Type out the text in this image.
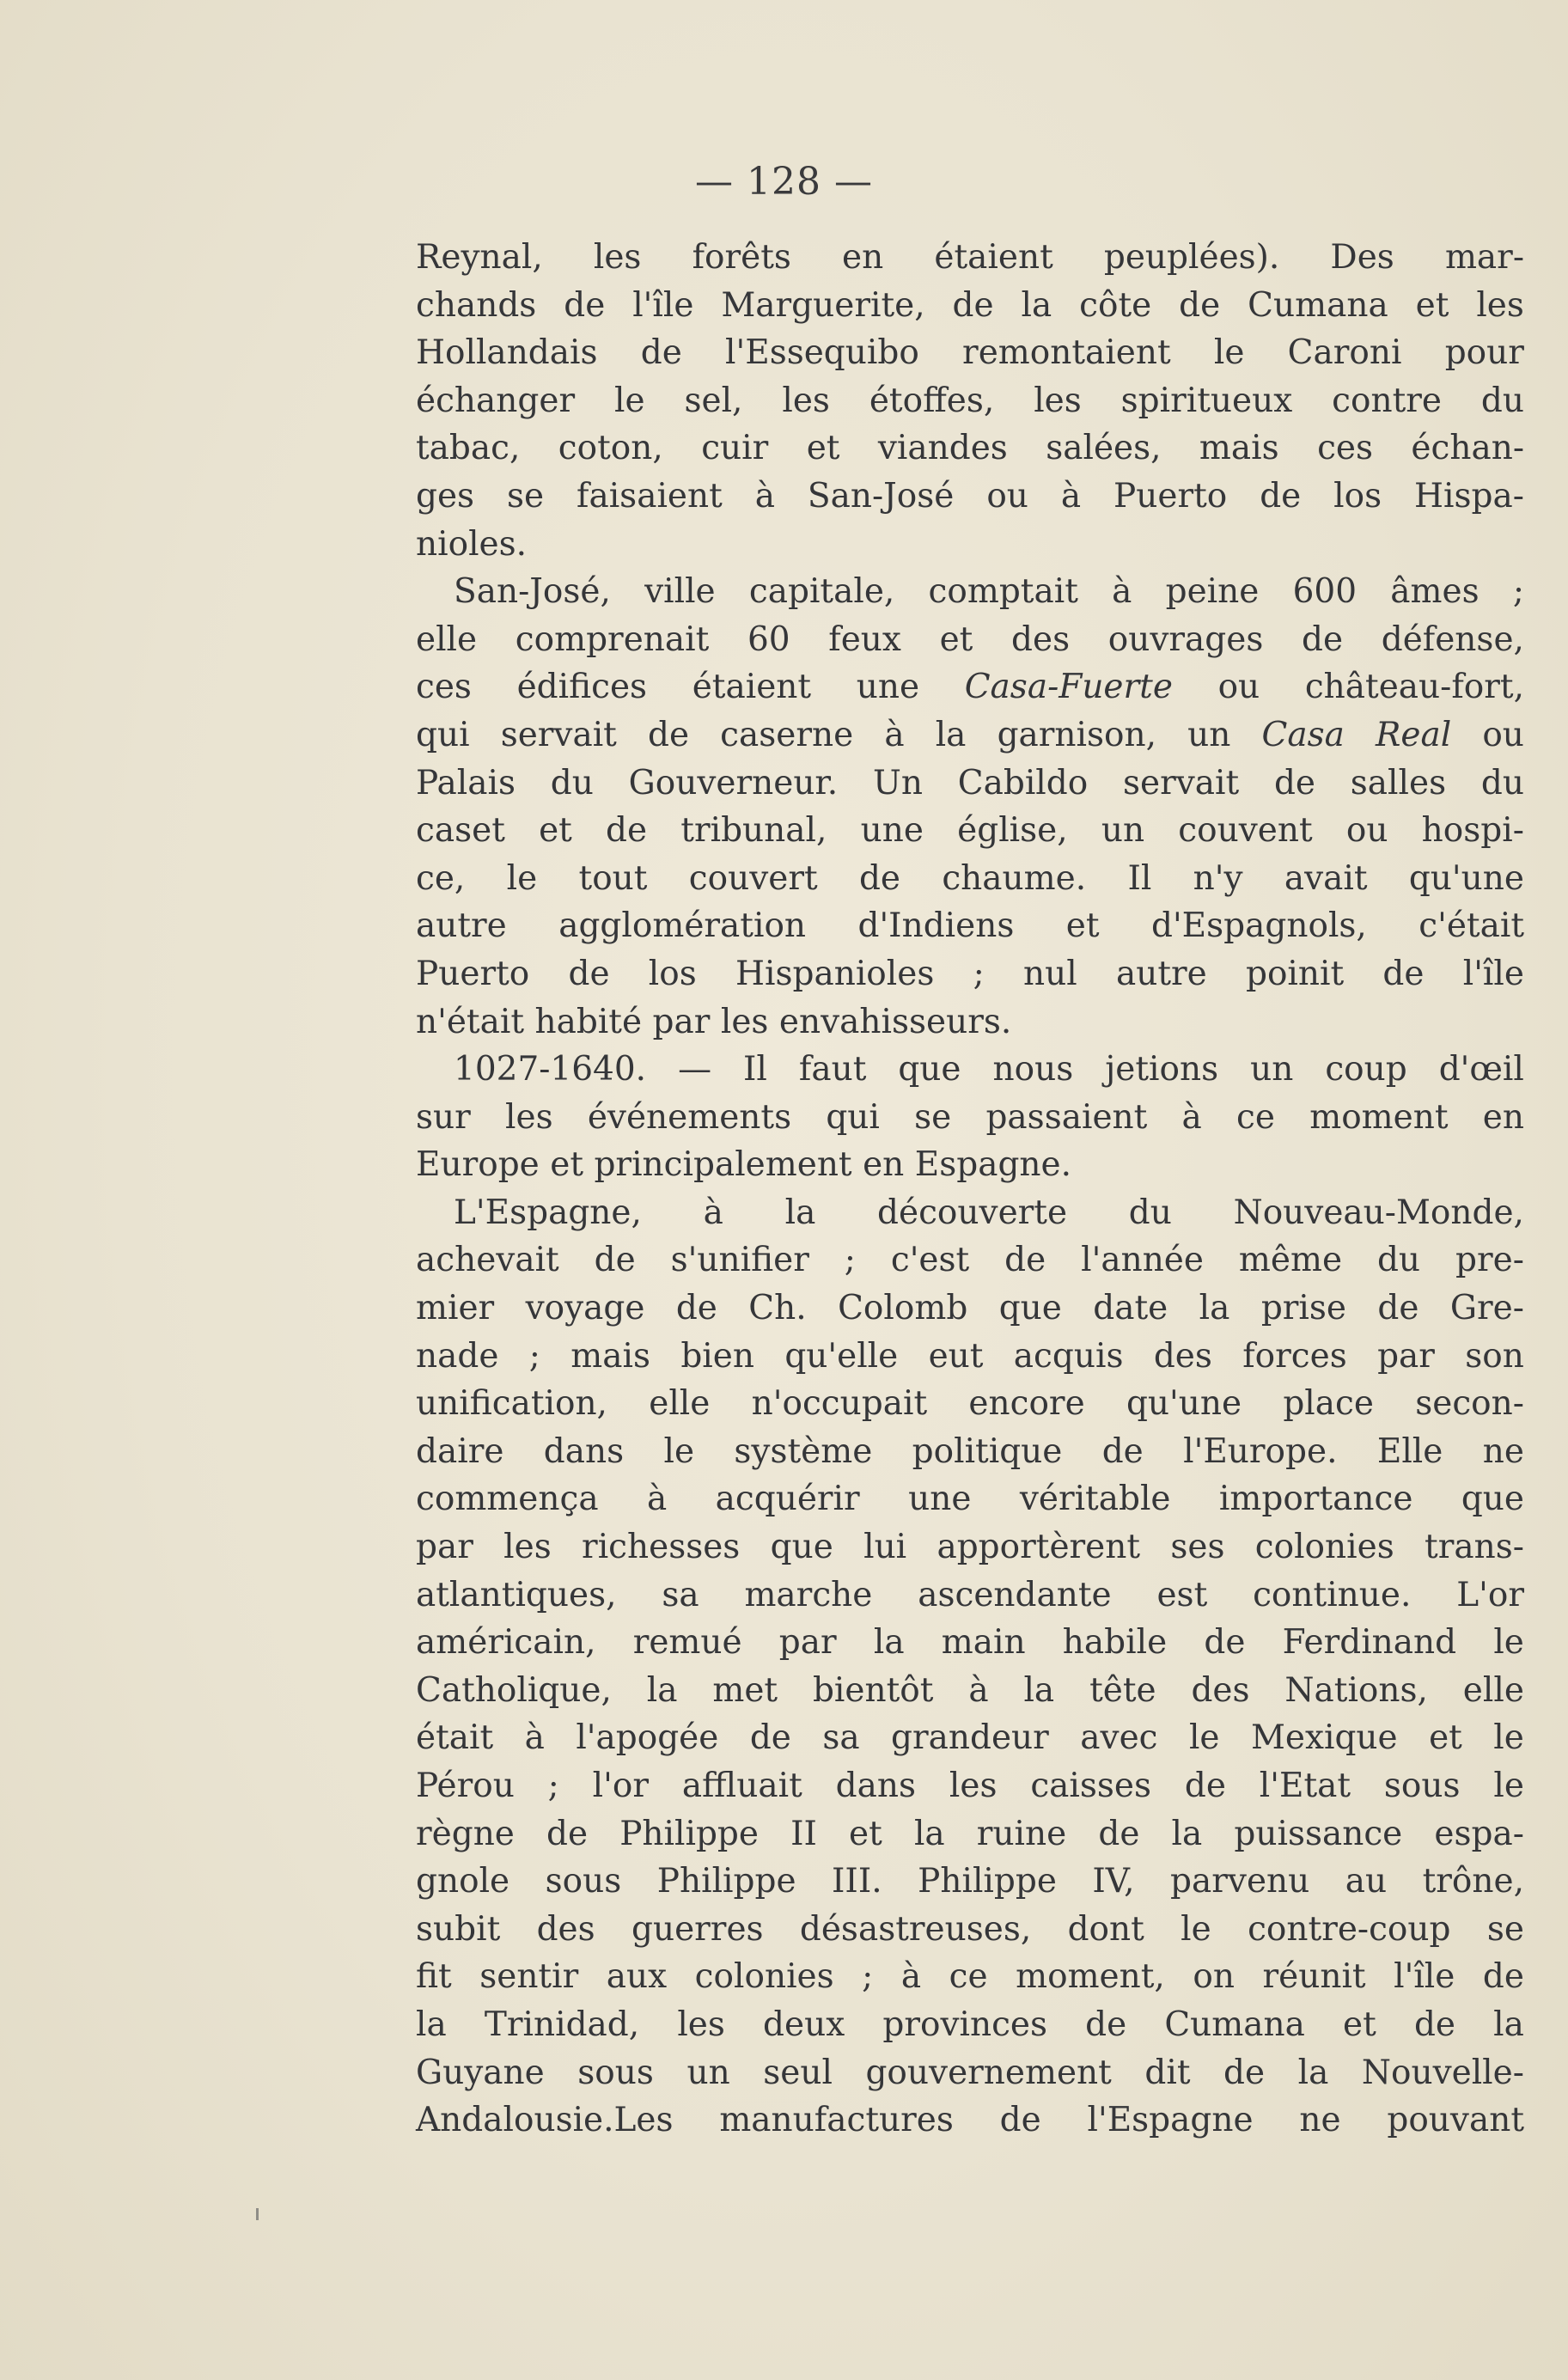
— 128 —
Reynal, les forêts en étaient peuplées). Des mar-
chands de l'île Marguerite, de la côte de Cumana et les
Hollandais de l'Essequibo remontaient le Caroni pour
échanger le sel, les étoffes, les spiritueux contre du
tabac, coton, cuir et viandes salées, mais ces échan-
ges se faisaient à San-José ou à Puerto de los Hispa-
nioles.
San-José, ville capitale, comptait à peine 600 âmes ;
elle comprenait 60 feux et des ouvrages de défense,
ces édifices étaient une Casa-Fuerte ou château-fort,
qui servait de caserne à la garnison, un Casa Real ou
Palais du Gouverneur. Un Cabildo servait de salles du
caset et de tribunal, une église, un couvent ou hospi-
ce, le tout couvert de chaume. Il n'y avait qu'une
autre agglomération d'Indiens et d'Espagnols, c'était
Puerto de los Hispanioles ; nul autre poinit de l'île
n'était habité par les envahisseurs.
1027-1640. — Il faut que nous jetions un coup d'œil
sur les événements qui se passaient à ce moment en
Europe et principalement en Espagne.
L'Espagne, à la découverte du Nouveau-Monde,
achevait de s'unifier ; c'est de l'année même du pre-
mier voyage de Ch. Colomb que date la prise de Gre-
nade ; mais bien qu'elle eut acquis des forces par son
unification, elle n'occupait encore qu'une place secon-
daire dans le système politique de l'Europe. Elle ne
commença à acquérir une véritable importance que
par les richesses que lui apportèrent ses colonies trans-
atlantiques, sa marche ascendante est continue. L'or
américain, remué par la main habile de Ferdinand le
Catholique, la met bientôt à la tête des Nations, elle
était à l'apogée de sa grandeur avec le Mexique et le
Pérou ; l'or affluait dans les caisses de l'Etat sous le
règne de Philippe II et la ruine de la puissance espa-
gnole sous Philippe III. Philippe IV, parvenu au trône,
subit des guerres désastreuses, dont le contre-coup se
fit sentir aux colonies ; à ce moment, on réunit l'île de
la Trinidad, les deux provinces de Cumana et de la
Guyane sous un seul gouvernement dit de la Nouvelle-
Andalousie.Les manufactures de l'Espagne ne pouvant
